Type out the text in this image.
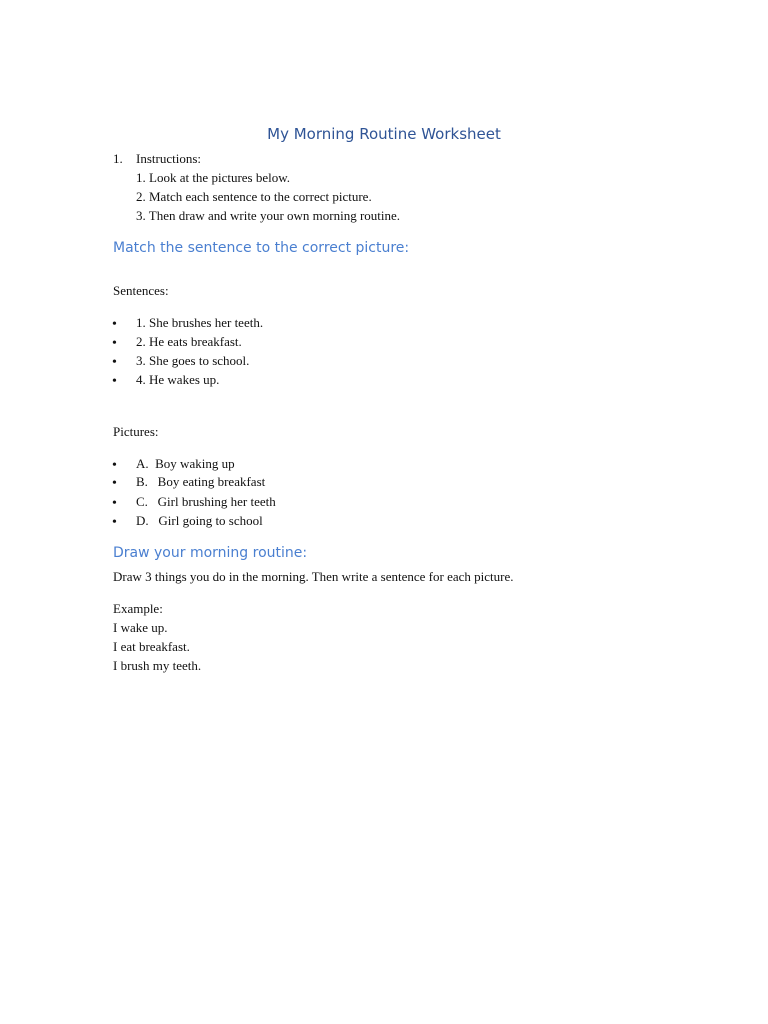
My Morning Routine Worksheet
1. Instructions:
1. Look at the pictures below.
2. Match each sentence to the correct picture.
3. Then draw and write your own morning routine.
Match the sentence to the correct picture:
Sentences:
• 1. She brushes her teeth.
• 2. He eats breakfast.
• 3. She goes to school.
• 4. He wakes up.
Pictures:
• A.  Boy waking up
• B.   Boy eating breakfast
• C.   Girl brushing her teeth
• D.   Girl going to school
Draw your morning routine:
Draw 3 things you do in the morning. Then write a sentence for each picture.
Example:
I wake up.
I eat breakfast.
I brush my teeth.
